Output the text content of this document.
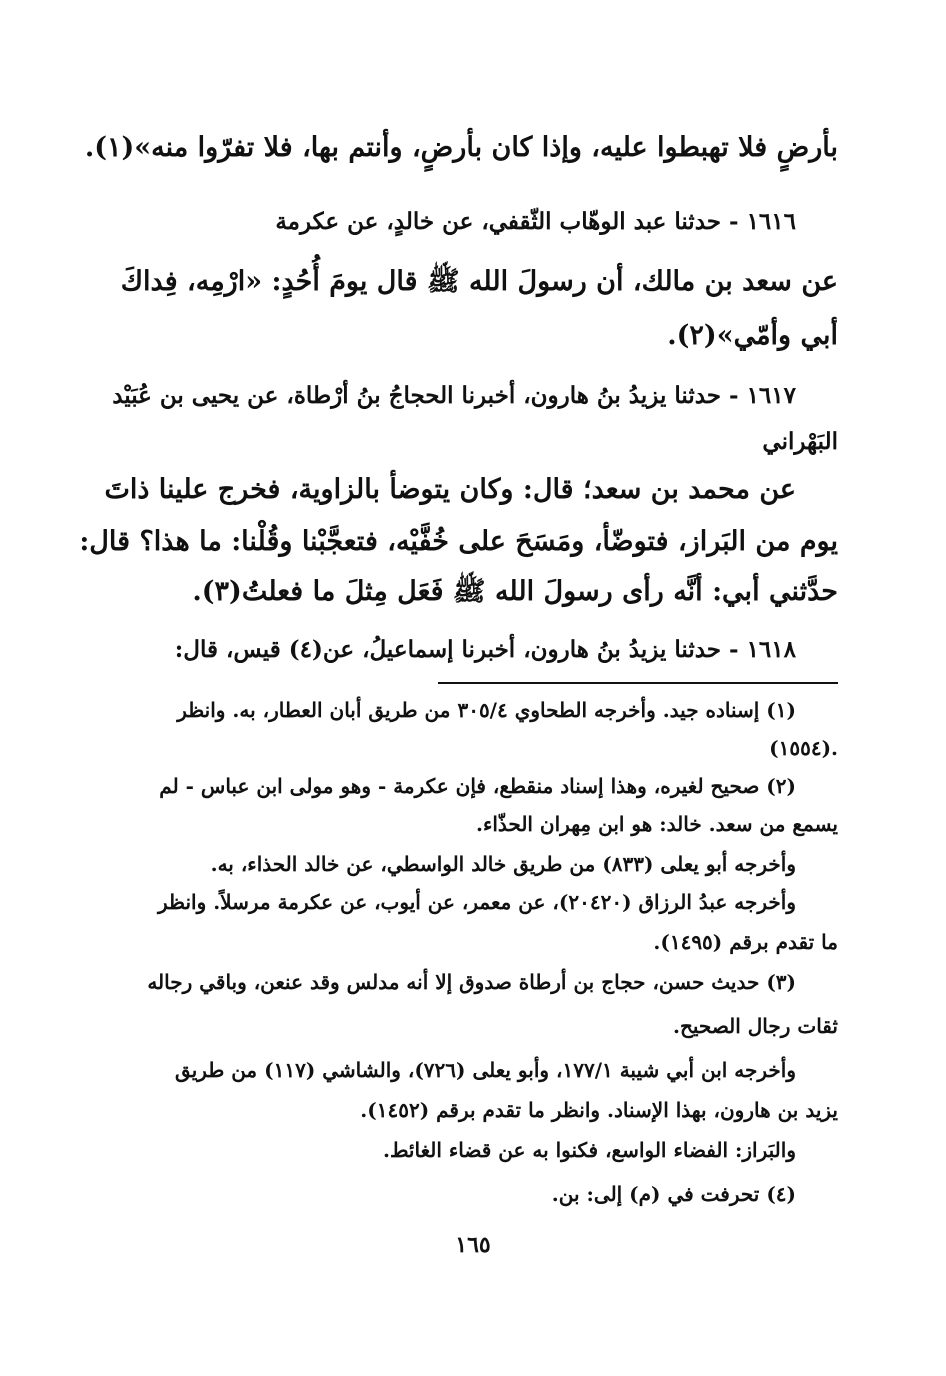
بأرضٍ فلا تهبطوا عليه، وإذا كان بأرضٍ، وأنتم بها، فلا تفرّوا منه»(١).
١٦١٦ - حدثنا عبد الوهّاب الثّقفي، عن خالدٍ، عن عكرمة
عن سعد بن مالك، أن رسولَ الله ﷺ قال يومَ أُحُدٍ: «ارْمِه، فِداكَ
أبي وأمّي»(٢).
١٦١٧ - حدثنا يزيدُ بنُ هارون، أخبرنا الحجاجُ بنُ أرْطاة، عن يحيى بن عُبَيْد
البَهْراني
عن محمد بن سعد؛ قال: وكان يتوضأ بالزاوية، فخرج علينا ذاتَ
يوم من البَراز، فتوضّأ، ومَسَحَ على خُفَّيْه، فتعجَّبْنا وقُلْنا: ما هذا؟ قال:
حدَّثني أبي: أنَّه رأى رسولَ الله ﷺ فَعَل مِثلَ ما فعلتُ(٣).
١٦١٨ - حدثنا يزيدُ بنُ هارون، أخبرنا إسماعيلُ، عن(٤) قيس، قال:
(١) إسناده جيد. وأخرجه الطحاوي ٣٠٥/٤ من طريق أبان العطار، به. وانظر
(١٥٥٤).
(٢) صحيح لغيره، وهذا إسناد منقطع، فإن عكرمة - وهو مولى ابن عباس - لم
يسمع من سعد. خالد: هو ابن مِهران الحذّاء.
وأخرجه أبو يعلى (٨٣٣) من طريق خالد الواسطي، عن خالد الحذاء، به.
وأخرجه عبدُ الرزاق (٢٠٤٢٠)، عن معمر، عن أيوب، عن عكرمة مرسلاً. وانظر
ما تقدم برقم (١٤٩٥).
(٣) حديث حسن، حجاج بن أرطاة صدوق إلا أنه مدلس وقد عنعن، وباقي رجاله
ثقات رجال الصحيح.
وأخرجه ابن أبي شيبة ١٧٧/١، وأبو يعلى (٧٢٦)، والشاشي (١١٧) من طريق
يزيد بن هارون، بهذا الإسناد. وانظر ما تقدم برقم (١٤٥٢).
والبَراز: الفضاء الواسع، فكنوا به عن قضاء الغائط.
(٤) تحرفت في (م) إلى: بن.
١٦٥
